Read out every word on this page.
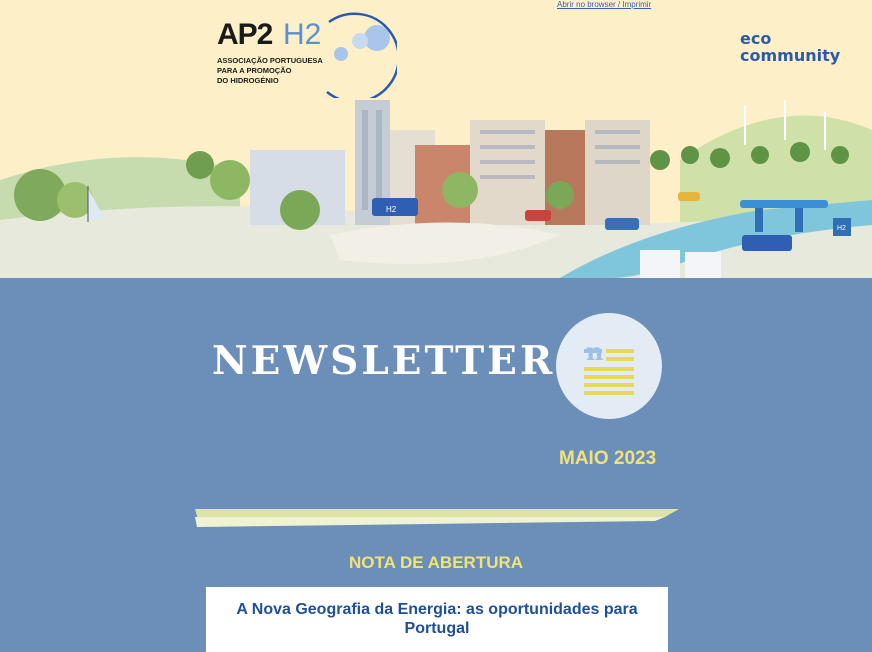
Abrir no browser / Imprimir
AP2 H2
ASSOCIAÇÃO PORTUGUESA
PARA A PROMOÇÃO
DO HIDROGÉNIO
eco
community
H2
H2
NEWSLETTER n
MAIO 2023
NOTA DE ABERTURA
A Nova Geografia da Energia: as oportunidades para Portugal
